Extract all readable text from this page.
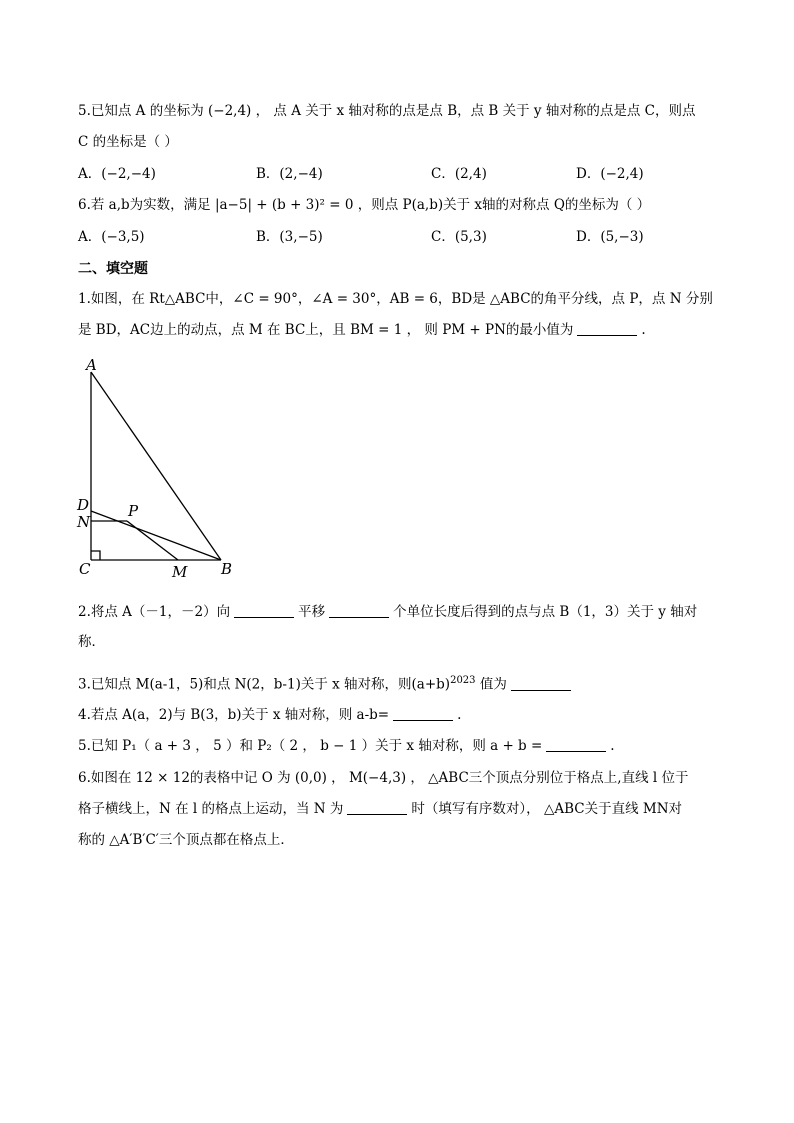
5.已知点 A 的坐标为 (−2,4) ， 点 A 关于 x 轴对称的点是点 B，点 B 关于 y 轴对称的点是点 C，则点
C 的坐标是（ ）
A．(−2,−4)	B．(2,−4)	C．(2,4)	D．(−2,4)
6.若 a,b为实数，满足 |a−5| + (b + 3)² = 0 ，则点 P(a,b)关于 x轴的对称点 Q的坐标为（ ）
A．(−3,5)	B．(3,−5)	C．(5,3)	D．(5,−3)
二、填空题
1.如图，在 Rt△ABC中，∠C = 90°，∠A = 30°，AB = 6，BD是 △ABC的角平分线，点 P，点 N 分别
是 BD，AC边上的动点，点 M 在 BC上，且 BM = 1 ， 则 PM + PN的最小值为	.
A
D
N
P
C	M B
2.将点 A（－1，－2）向	平移	个单位长度后得到的点与点 B（1，3）关于 y 轴对
称．
3.已知点 M(a-1，5)和点 N(2，b-1)关于 x 轴对称，则$(a+b)^{2023}$ 值为
4.若点 A(a，2)与 B(3，b)关于 x 轴对称，则 a-b=	.
5.已知 P₁（ a + 3 ， 5 ）和 P₂（ 2 ， b − 1 ）关于 x 轴对称，则 a + b =	.
6.如图在 12 × 12的表格中记 O 为 (0,0) ， M(−4,3) ， △ABC三个顶点分别位于格点上,直线 l 位于
格子横线上，N 在 l 的格点上运动，当 N 为	时（填写有序数对）， △ABC关于直线 MN对
称的 △A′B′C′三个顶点都在格点上．
